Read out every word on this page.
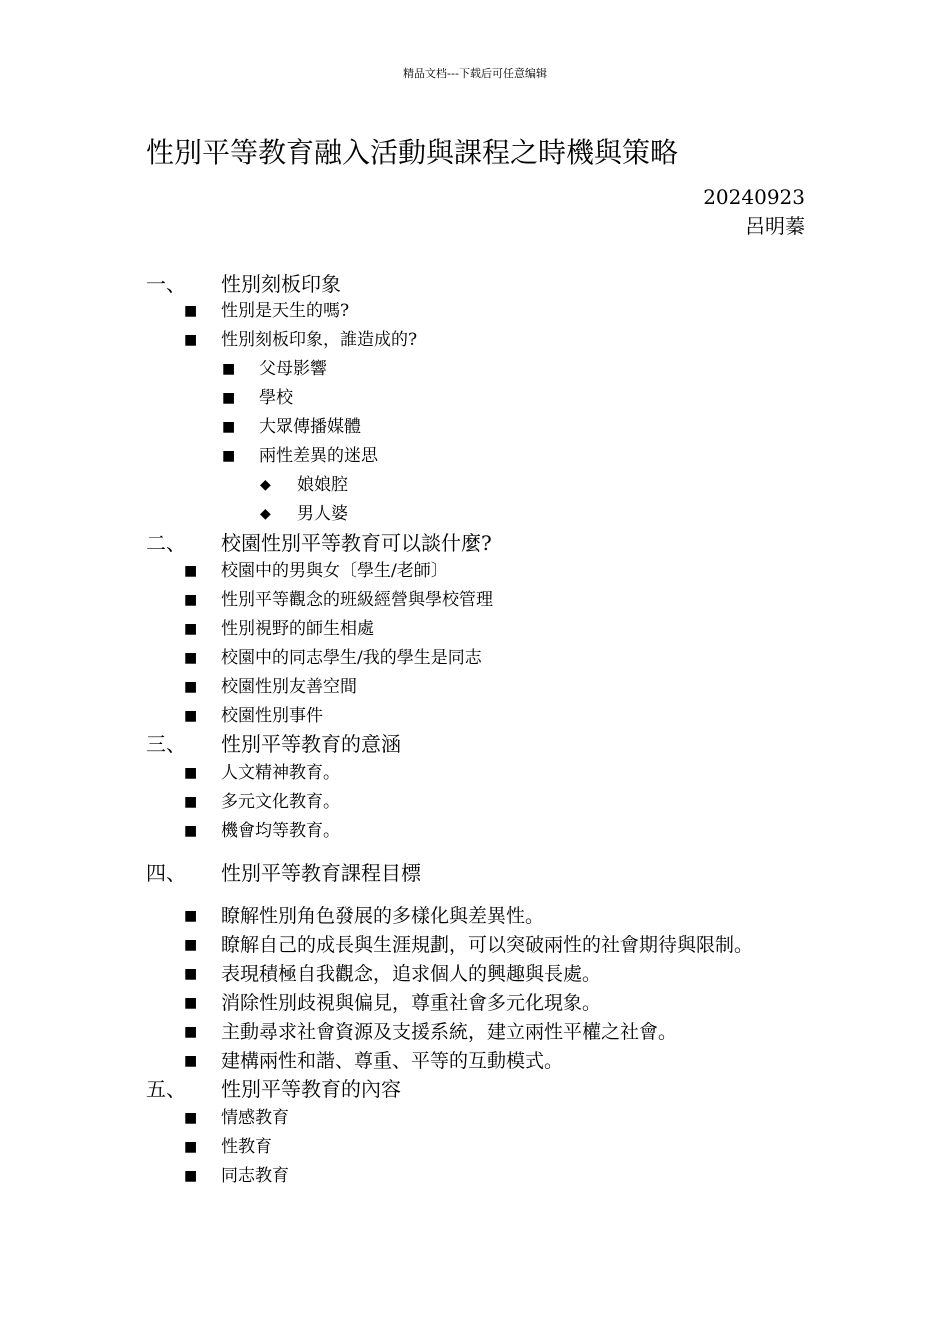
精品文档---下载后可任意编辑
性別平等教育融入活動與課程之時機與策略
20240923
呂明蓁
一、 性別刻板印象
■ 性別是天生的嗎?
■ 性別刻板印象，誰造成的?
■ 父母影響
■ 學校
■ 大眾傳播媒體
■ 兩性差異的迷思
◆ 娘娘腔
◆ 男人婆
二、 校園性別平等教育可以談什麼?
■ 校園中的男與女〔學生/老師〕
■ 性別平等觀念的班級經營與學校管理
■ 性別視野的師生相處
■ 校園中的同志學生/我的學生是同志
■ 校園性別友善空間
■ 校園性別事件
三、 性別平等教育的意涵
■ 人文精神教育。
■ 多元文化教育。
■ 機會均等教育。
四、 性別平等教育課程目標
■ 瞭解性別角色發展的多樣化與差異性。
■ 瞭解自己的成長與生涯規劃，可以突破兩性的社會期待與限制。
■ 表現積極自我觀念，追求個人的興趣與長處。
■ 消除性別歧視與偏見，尊重社會多元化現象。
■ 主動尋求社會資源及支援系統，建立兩性平權之社會。
■ 建構兩性和諧、尊重、平等的互動模式。
五、 性別平等教育的內容
■ 情感教育
■ 性教育
■ 同志教育
